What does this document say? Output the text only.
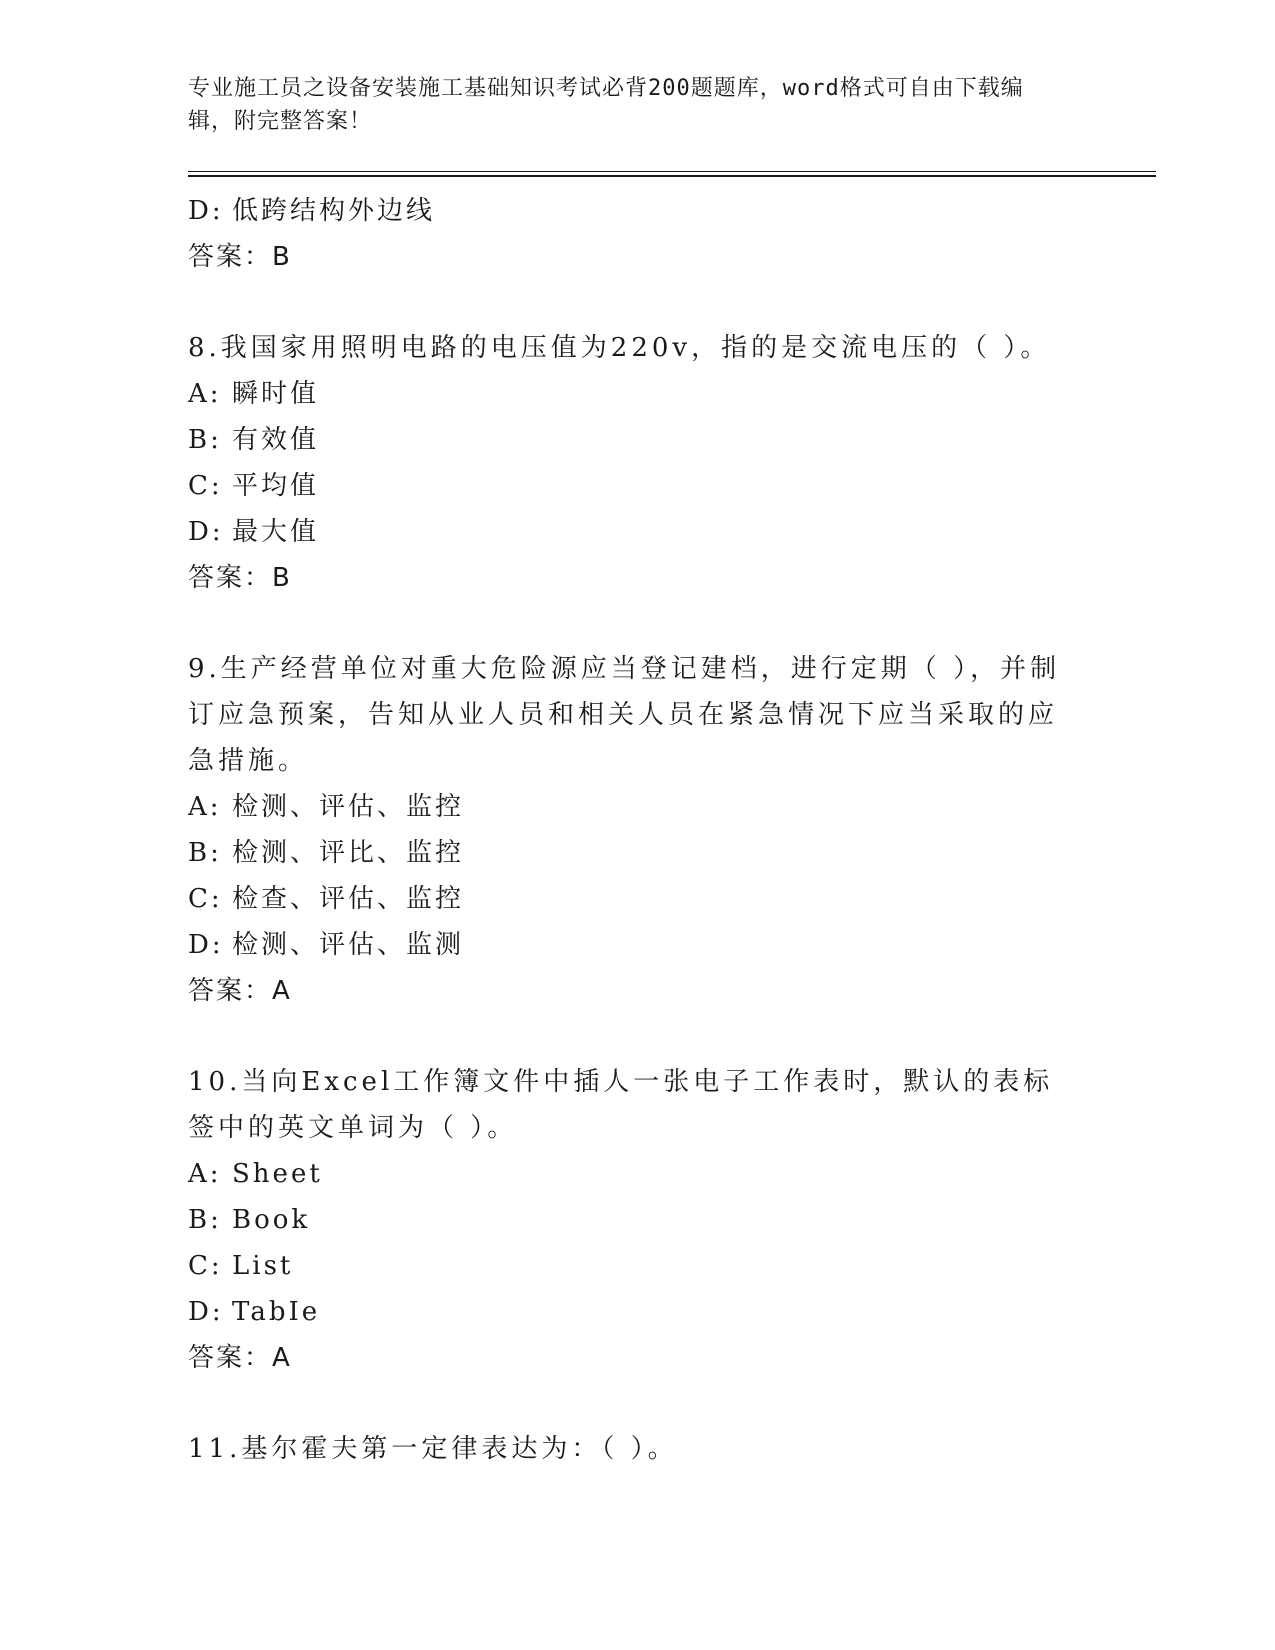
专业施工员之设备安装施工基础知识考试必背200题题库，word格式可自由下载编辑，附完整答案！
D: 低跨结构外边线
答案：B
8.我国家用照明电路的电压值为220v，指的是交流电压的（ ）。
A: 瞬时值
B: 有效值
C: 平均值
D: 最大值
答案：B
9.生产经营单位对重大危险源应当登记建档，进行定期（ ），并制订应急预案，告知从业人员和相关人员在紧急情况下应当采取的应急措施。
A: 检测、评估、监控
B: 检测、评比、监控
C: 检查、评估、监控
D: 检测、评估、监测
答案：A
10.当向Excel工作簿文件中插人一张电子工作表时，默认的表标签中的英文单词为（ ）。
A: Sheet
B: Book
C: List
D: TabIe
答案：A
11.基尔霍夫第一定律表达为：（ ）。
